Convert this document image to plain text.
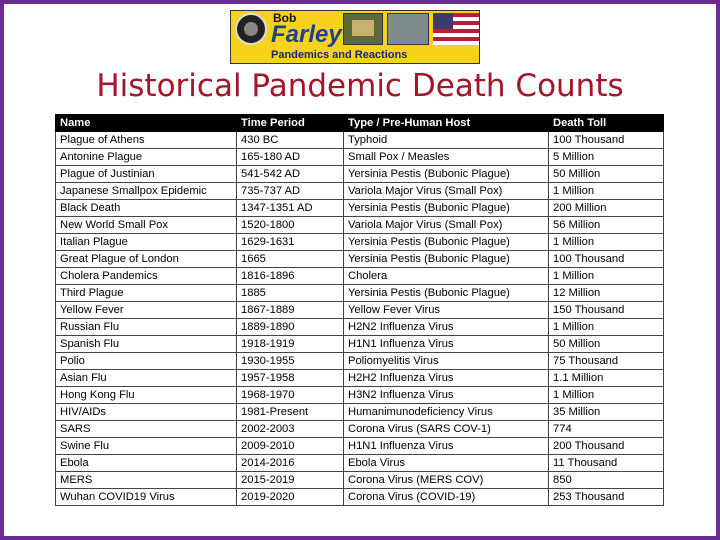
Bob
Farley
Pandemics and Reactions
Historical Pandemic Death Counts
Name	Time Period	Type / Pre-Human Host	Death Toll
Plague of Athens	430 BC	Typhoid	100 Thousand
Antonine Plague	165-180 AD	Small Pox / Measles	5 Million
Plague of Justinian	541-542 AD	Yersinia Pestis (Bubonic Plague)	50 Million
Japanese Smallpox Epidemic	735-737 AD	Variola Major Virus (Small Pox)	1 Million
Black Death	1347-1351 AD	Yersinia Pestis (Bubonic Plague)	200 Million
New World Small Pox	1520-1800	Variola Major Virus (Small Pox)	56 Million
Italian Plague	1629-1631	Yersinia Pestis (Bubonic Plague)	1 Million
Great Plague of London	1665	Yersinia Pestis (Bubonic Plague)	100 Thousand
Cholera Pandemics	1816-1896	Cholera	1 Million
Third Plague	1885	Yersinia Pestis (Bubonic Plague)	12 Million
Yellow Fever	1867-1889	Yellow Fever Virus	150 Thousand
Russian Flu	1889-1890	H2N2 Influenza Virus	1 Million
Spanish Flu	1918-1919	H1N1 Influenza Virus	50 Million
Polio	1930-1955	Poliomyelitis Virus	75 Thousand
Asian Flu	1957-1958	H2H2 Influenza Virus	1.1 Million
Hong Kong Flu	1968-1970	H3N2 Influenza Virus	1 Million
HIV/AIDs	1981-Present	Humanimunodeficiency Virus	35 Million
SARS	2002-2003	Corona Virus (SARS COV-1)	774
Swine Flu	2009-2010	H1N1 Influenza Virus	200 Thousand
Ebola	2014-2016	Ebola Virus	11 Thousand
MERS	2015-2019	Corona Virus (MERS COV)	850
Wuhan COVID19 Virus	2019-2020	Corona Virus (COVID-19)	253 Thousand
